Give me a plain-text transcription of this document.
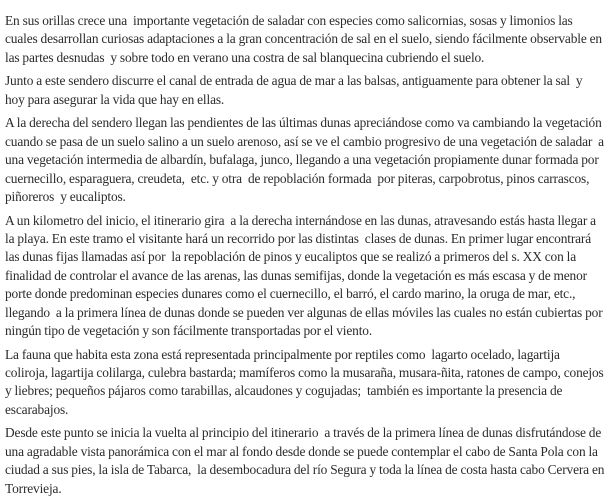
En sus orillas crece una  importante vegetación de saladar con especies como salicornias, sosas y limonios las cuales desarrollan curiosas adaptaciones a la gran concentración de sal en el suelo, siendo fácilmente observable en las partes desnudas  y sobre todo en verano una costra de sal blanquecina cubriendo el suelo.

Junto a este sendero discurre el canal de entrada de agua de mar a las balsas, antiguamente para obtener la sal  y hoy para asegurar la vida que hay en ellas.

A la derecha del sendero llegan las pendientes de las últimas dunas apreciándose como va cambiando la vegetación cuando se pasa de un suelo salino a un suelo arenoso, así se ve el cambio progresivo de una vegetación de saladar  a una vegetación intermedia de albardín, bufalaga, junco, llegando a una vegetación propiamente dunar formada por cuernecillo, esparaguera, creudeta,  etc. y otra  de repoblación formada  por piteras, carpobrotus, pinos carrascos, piñoreros  y eucaliptos.

A un kilometro del inicio, el itinerario gira  a la derecha internándose en las dunas, atravesando estás hasta llegar a la playa. En este tramo el visitante hará un recorrido por las distintas  clases de dunas. En primer lugar encontrará las dunas fijas llamadas así por  la repoblación de pinos y eucaliptos que se realizó a primeros del s. XX con la finalidad de controlar el avance de las arenas, las dunas semifijas, donde la vegetación es más escasa y de menor porte donde predominan especies dunares como el cuernecillo, el barró, el cardo marino, la oruga de mar, etc., llegando  a la primera línea de dunas donde se pueden ver algunas de ellas móviles las cuales no están cubiertas por ningún tipo de vegetación y son fácilmente transportadas por el viento.

La fauna que habita esta zona está representada principalmente por reptiles como  lagarto ocelado, lagartija coliroja, lagartija colilarga, culebra bastarda; mamíferos como la musaraña, musara-ñita, ratones de campo, conejos y liebres; pequeños pájaros como tarabillas, alcaudones y cogujadas;  también es importante la presencia de escarabajos.

Desde este punto se inicia la vuelta al principio del itinerario  a través de la primera línea de dunas disfrutándose de una agradable vista panorámica con el mar al fondo desde donde se puede contemplar el cabo de Santa Pola con la ciudad a sus pies, la isla de Tabarca,  la desembocadura del río Segura y toda la línea de costa hasta cabo Cervera en Torrevieja.
